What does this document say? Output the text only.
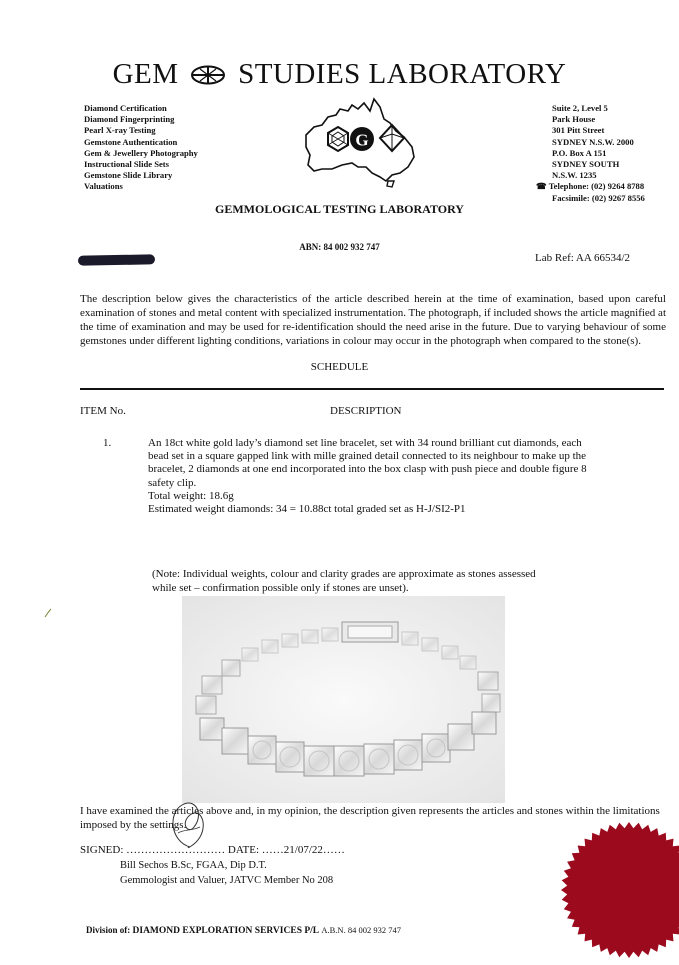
GEM STUDIES LABORATORY
Diamond Certification
Diamond Fingerprinting
Pearl X-ray Testing
Gemstone Authentication
Gem & Jewellery Photography
Instructional Slide Sets
Gemstone Slide Library
Valuations
G
Suite 2, Level 5
Park House
301 Pitt Street
SYDNEY N.S.W. 2000
P.O. Box A 151
SYDNEY SOUTH
N.S.W. 1235
☎ Telephone: (02) 9264 8788
Facsimile: (02) 9267 8556
GEMMOLOGICAL TESTING LABORATORY
ABN: 84 002 932 747
Lab Ref: AA 66534/2
The description below gives the characteristics of the article described herein at the time of examination, based upon careful examination of stones and metal content with specialized instrumentation. The photograph, if included shows the article magnified at the time of examination and may be used for re-identification should the need arise in the future. Due to varying behaviour of some gemstones under different lighting conditions, variations in colour may occur in the photograph when compared to the stone(s).
SCHEDULE
ITEM No.	DESCRIPTION
1.	An 18ct white gold lady’s diamond set line bracelet, set with 34 round brilliant cut diamonds, each bead set in a square gapped link with mille grained detail connected to its neighbour to make up the bracelet, 2 diamonds at one end incorporated into the box clasp with push piece and double figure 8 safety clip.
Total weight: 18.6g
Estimated weight diamonds: 34 = 10.88ct total graded set as H-J/SI2-P1
(Note: Individual weights, colour and clarity grades are approximate as stones assessed while set – confirmation possible only if stones are unset).
I have examined the articles above and, in my opinion, the description given represents the articles and stones within the limitations imposed by the settings.
SIGNED: ……………………… DATE: ……21/07/22……
Bill Sechos B.Sc, FGAA, Dip D.T.
Gemmologist and Valuer, JATVC Member No 208
Division of: DIAMOND EXPLORATION SERVICES P/L A.B.N. 84 002 932 747
